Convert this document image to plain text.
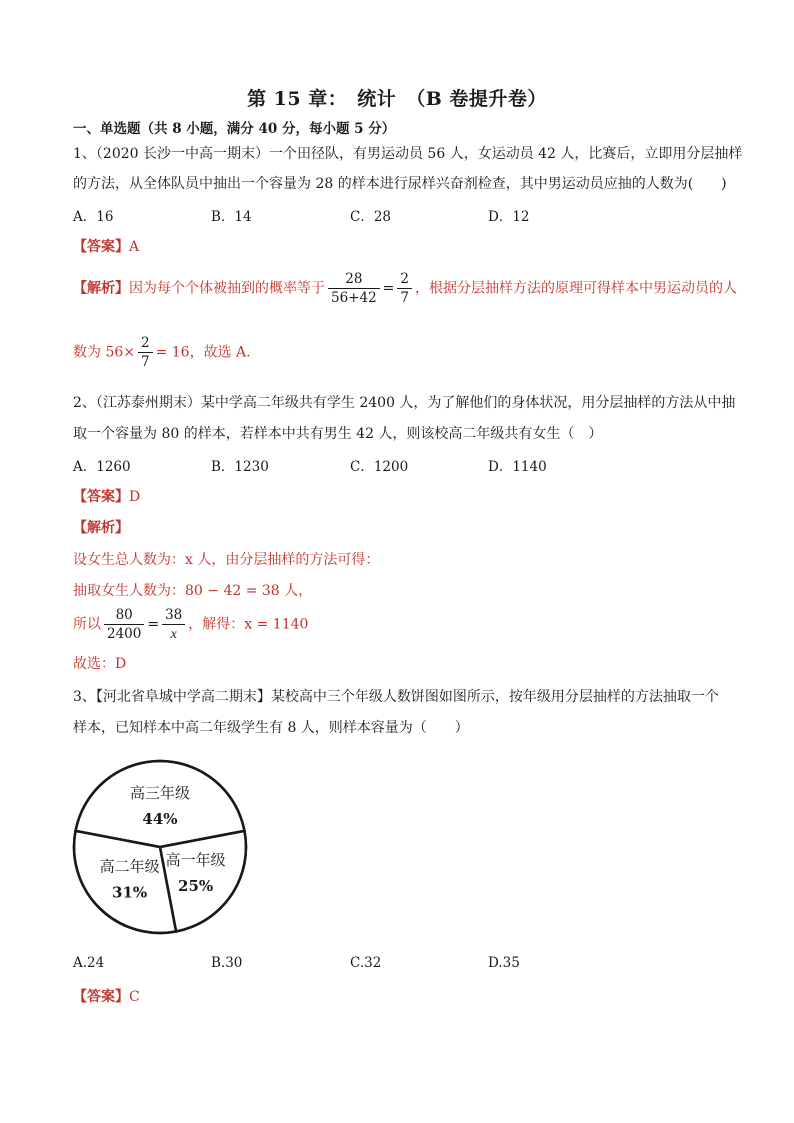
第 15 章：　统计　（B 卷提升卷）
一、单选题（共 8 小题，满分 40 分，每小题 5 分）
1、（2020 长沙一中高一期末）一个田径队，有男运动员 56 人，女运动员 42 人，比赛后，立即用分层抽样
的方法，从全体队员中抽出一个容量为 28 的样本进行尿样兴奋剂检查，其中男运动员应抽的人数为(　　)
A．16	B．14	C．28	D．12
【答案】A
【解析】因为每个个体被抽到的概率等于 $\frac{28}{56+42} = \frac{2}{7}$ ，根据分层抽样方法的原理可得样本中男运动员的人
数为 $56\times \frac{2}{7} = 16$，故选 A.
2、（江苏泰州期末）某中学高二年级共有学生 2400 人，为了解他们的身体状况，用分层抽样的方法从中抽
取一个容量为 80 的样本，若样本中共有男生 42 人，则该校高二年级共有女生（　）
A．1260	B．1230	C．1200	D．1140
【答案】D
【解析】
设女生总人数为：x 人，由分层抽样的方法可得：
抽取女生人数为：80 − 42 = 38 人，
所以 $\frac{80}{2400} = \frac{38}{x}$ ，解得：x = 1140
故选：D
3、【河北省阜城中学高二期末】某校高中三个年级人数饼图如图所示，按年级用分层抽样的方法抽取一个
样本，已知样本中高二年级学生有 8 人，则样本容量为（　　）
高三年级
44%
高一年级
25%
高二年级
31%
A.24	B.30	C.32	D.35
【答案】C
